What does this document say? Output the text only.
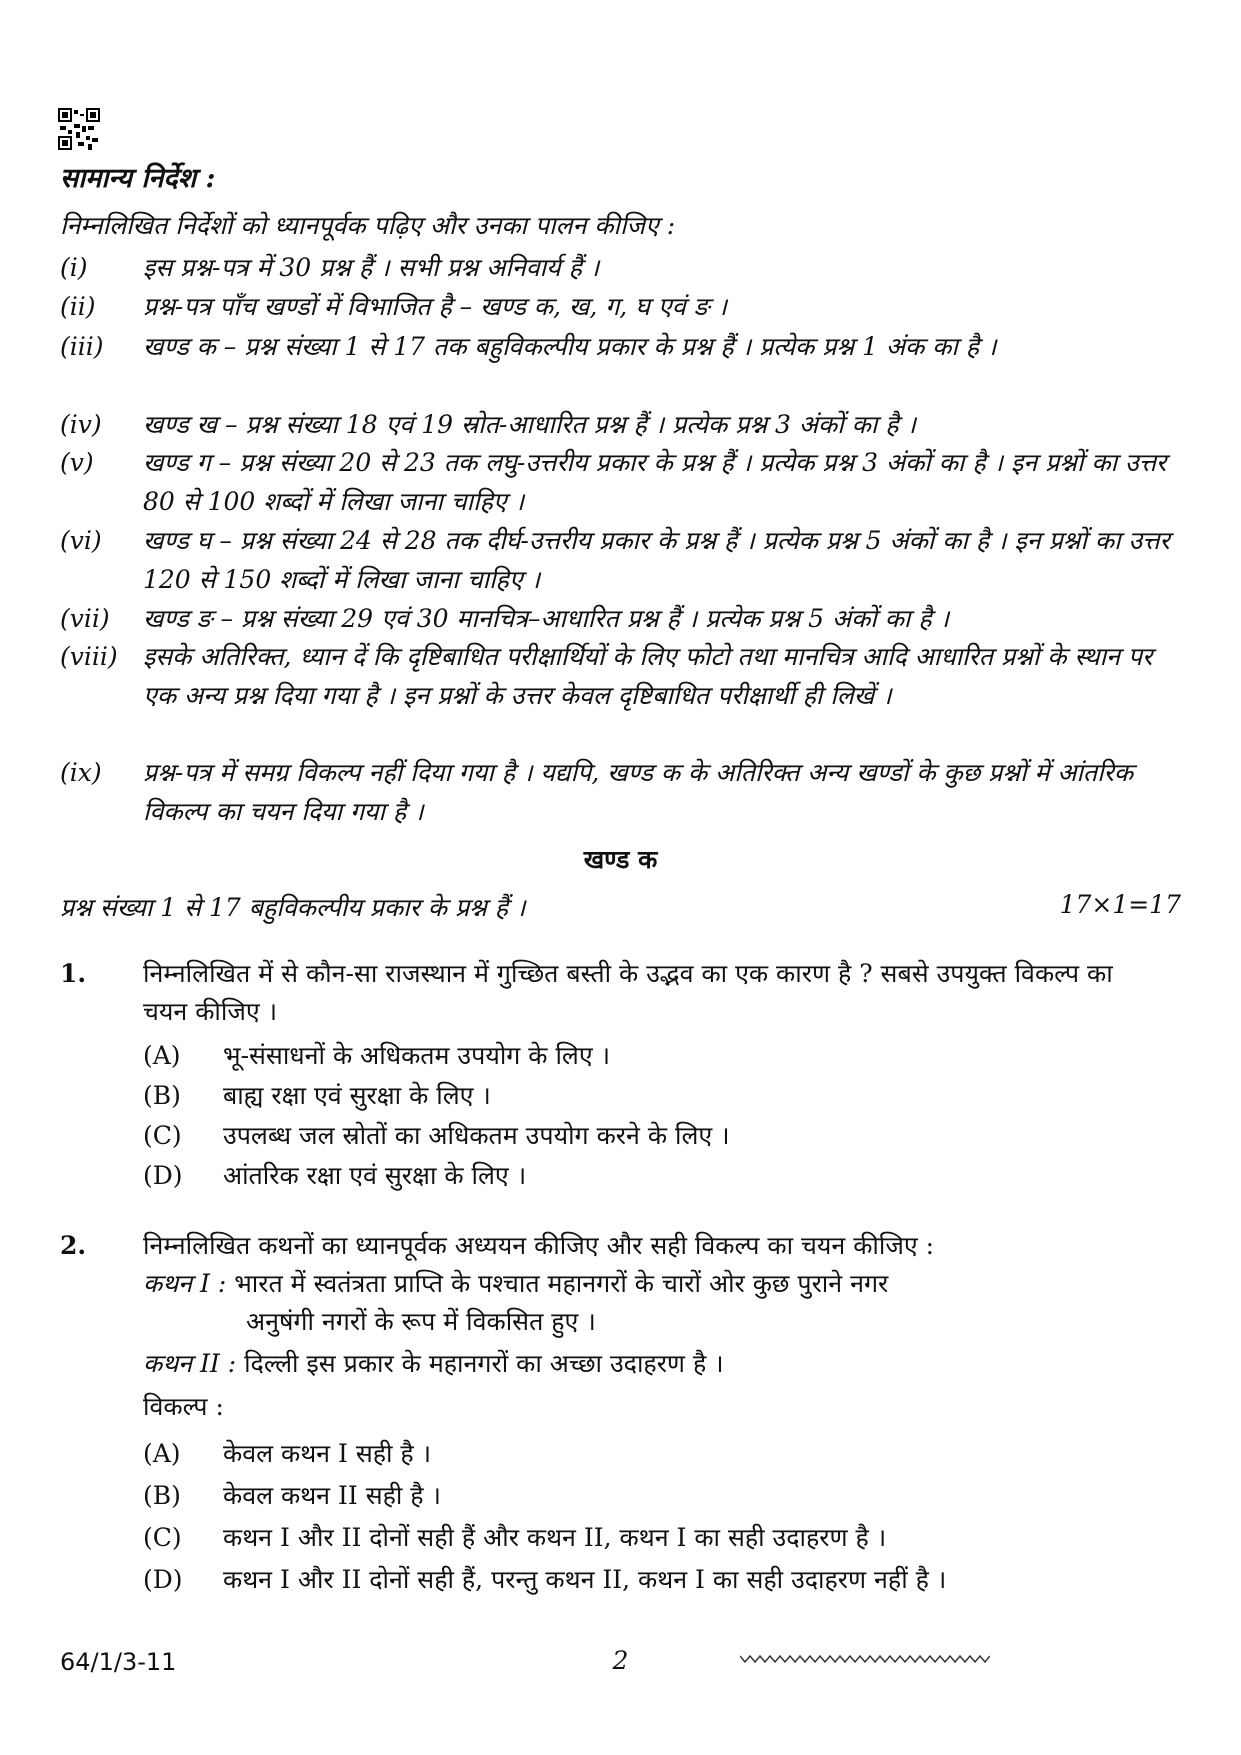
सामान्य निर्देश :
निम्नलिखित निर्देशों को ध्यानपूर्वक पढ़िए और उनका पालन कीजिए :
(i)	इस प्रश्न-पत्र में 30 प्रश्न हैं । सभी प्रश्न अनिवार्य हैं ।
(ii)	प्रश्न-पत्र पाँच खण्डों में विभाजित है – खण्ड क, ख, ग, घ एवं ङ ।
(iii)	खण्ड क – प्रश्न संख्या 1 से 17 तक बहुविकल्पीय प्रकार के प्रश्न हैं । प्रत्येक प्रश्न 1 अंक का है ।
(iv)	खण्ड ख – प्रश्न संख्या 18 एवं 19 स्रोत-आधारित प्रश्न हैं । प्रत्येक प्रश्न 3 अंकों का है ।
(v)	खण्ड ग – प्रश्न संख्या 20 से 23 तक लघु-उत्तरीय प्रकार के प्रश्न हैं । प्रत्येक प्रश्न 3 अंकों का है । इन प्रश्नों का उत्तर 80 से 100 शब्दों में लिखा जाना चाहिए ।
(vi)	खण्ड घ – प्रश्न संख्या 24 से 28 तक दीर्घ-उत्तरीय प्रकार के प्रश्न हैं । प्रत्येक प्रश्न 5 अंकों का है । इन प्रश्नों का उत्तर 120 से 150 शब्दों में लिखा जाना चाहिए ।
(vii)	खण्ड ङ – प्रश्न संख्या 29 एवं 30 मानचित्र–आधारित प्रश्न हैं । प्रत्येक प्रश्न 5 अंकों का है ।
(viii)	इसके अतिरिक्त, ध्यान दें कि दृष्टिबाधित परीक्षार्थियों के लिए फोटो तथा मानचित्र आदि आधारित प्रश्नों के स्थान पर एक अन्य प्रश्न दिया गया है । इन प्रश्नों के उत्तर केवल दृष्टिबाधित परीक्षार्थी ही लिखें ।
(ix)	प्रश्न-पत्र में समग्र विकल्प नहीं दिया गया है । यद्यपि, खण्ड क के अतिरिक्त अन्य खण्डों के कुछ प्रश्नों में आंतरिक विकल्प का चयन दिया गया है ।
खण्ड क
प्रश्न संख्या 1 से 17 बहुविकल्पीय प्रकार के प्रश्न हैं ।	17×1=17
1. निम्नलिखित में से कौन-सा राजस्थान में गुच्छित बस्ती के उद्भव का एक कारण है ? सबसे उपयुक्त विकल्प का चयन कीजिए ।
(A) भू-संसाधनों के अधिकतम उपयोग के लिए ।
(B) बाह्य रक्षा एवं सुरक्षा के लिए ।
(C) उपलब्ध जल स्रोतों का अधिकतम उपयोग करने के लिए ।
(D) आंतरिक रक्षा एवं सुरक्षा के लिए ।
2. निम्नलिखित कथनों का ध्यानपूर्वक अध्ययन कीजिए और सही विकल्प का चयन कीजिए :
कथन I : भारत में स्वतंत्रता प्राप्ति के पश्चात महानगरों के चारों ओर कुछ पुराने नगर
अनुषंगी नगरों के रूप में विकसित हुए ।
कथन II : दिल्ली इस प्रकार के महानगरों का अच्छा उदाहरण है ।
विकल्प :
(A) केवल कथन I सही है ।
(B) केवल कथन II सही है ।
(C) कथन I और II दोनों सही हैं और कथन II, कथन I का सही उदाहरण है ।
(D) कथन I और II दोनों सही हैं, परन्तु कथन II, कथन I का सही उदाहरण नहीं है ।
64/1/3-11	2
